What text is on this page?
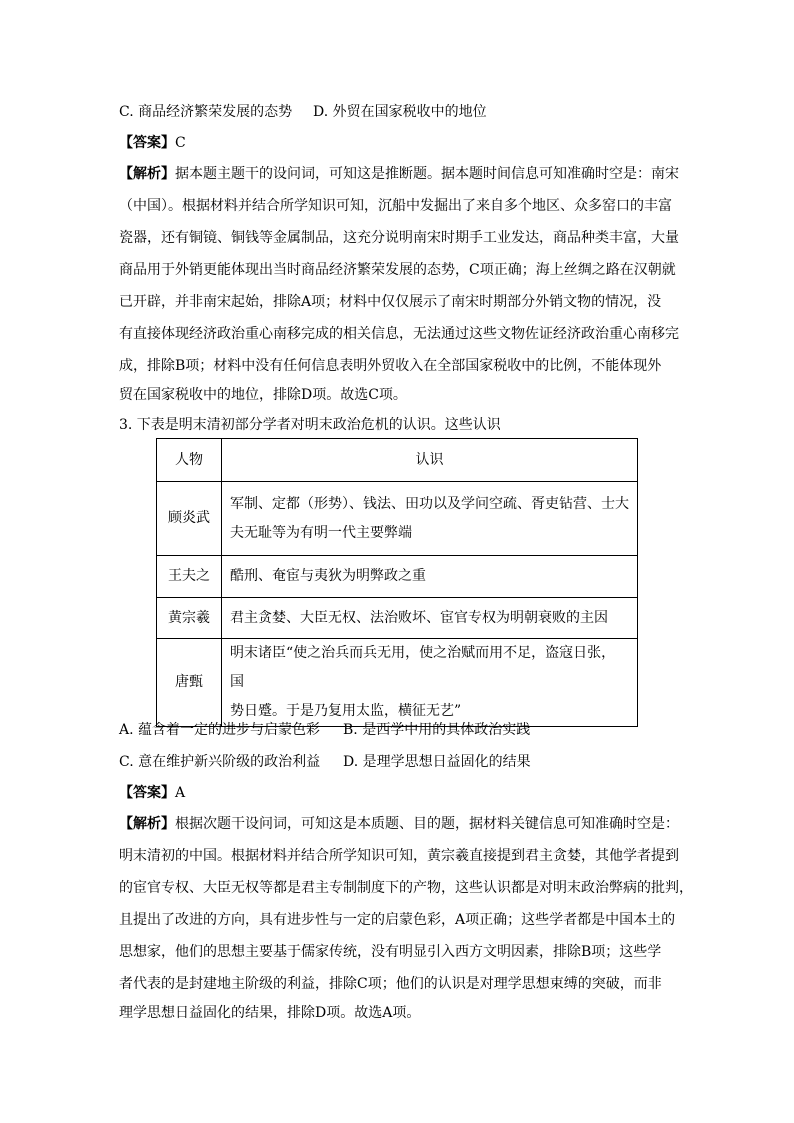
C. 商品经济繁荣发展的态势 D. 外贸在国家税收中的地位
【答案】C
【解析】据本题主题干的设问词，可知这是推断题。据本题时间信息可知准确时空是：南宋
（中国）。根据材料并结合所学知识可知，沉船中发掘出了来自多个地区、众多窑口的丰富
瓷器，还有铜镜、铜钱等金属制品，这充分说明南宋时期手工业发达，商品种类丰富，大量
商品用于外销更能体现出当时商品经济繁荣发展的态势，C项正确；海上丝绸之路在汉朝就
已开辟，并非南宋起始，排除A项；材料中仅仅展示了南宋时期部分外销文物的情况，没
有直接体现经济政治重心南移完成的相关信息，无法通过这些文物佐证经济政治重心南移完
成，排除B项；材料中没有任何信息表明外贸收入在全部国家税收中的比例，不能体现外
贸在国家税收中的地位，排除D项。故选C项。
3. 下表是明末清初部分学者对明末政治危机的认识。这些认识
人物	认识
顾炎武	军制、定都（形势）、钱法、田功以及学问空疏、胥吏钻营、士大
夫无耻等为有明一代主要弊端

王夫之	酷刑、奄宦与夷狄为明弊政之重

黄宗羲	君主贪婪、大臣无权、法治败坏、宦官专权为明朝衰败的主因

唐甄	明末诸臣“使之治兵而兵无用，使之治赋而用不足，盗寇日张，国
势日蹙。于是乃复用太监，横征无艺”
A. 蕴含着一定的进步与启蒙色彩 B. 是西学中用的具体政治实践
C. 意在维护新兴阶级的政治利益 D. 是理学思想日益固化的结果
【答案】A
【解析】根据次题干设问词，可知这是本质题、目的题，据材料关键信息可知准确时空是：
明末清初的中国。根据材料并结合所学知识可知，黄宗羲直接提到君主贪婪，其他学者提到
的宦官专权、大臣无权等都是君主专制制度下的产物，这些认识都是对明末政治弊病的批判，
且提出了改进的方向，具有进步性与一定的启蒙色彩，A项正确；这些学者都是中国本土的
思想家，他们的思想主要基于儒家传统，没有明显引入西方文明因素，排除B项；这些学
者代表的是封建地主阶级的利益，排除C项；他们的认识是对理学思想束缚的突破，而非
理学思想日益固化的结果，排除D项。故选A项。
